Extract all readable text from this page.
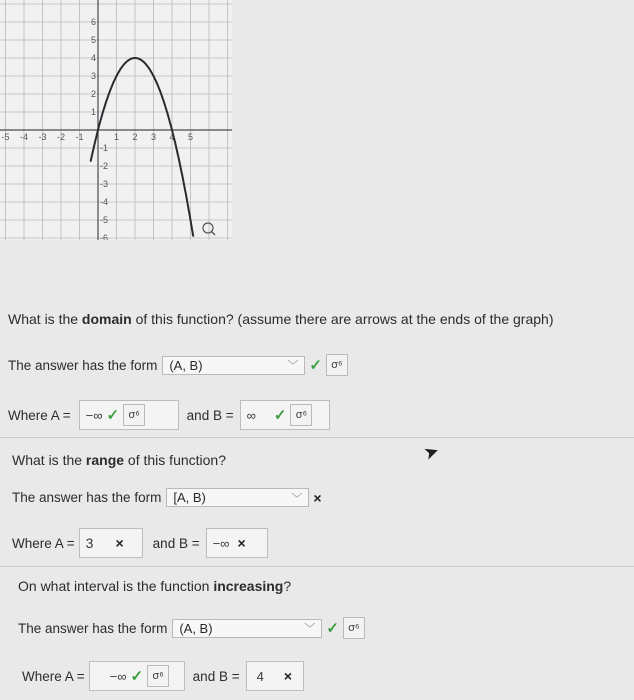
-5 -4 -3 -2 -1	1 2 3 4 5
6
5
4
3
2
1
-1
-2
-3
-4
-5
-6
What is the domain of this function? (assume there are arrows at the ends of the graph)
The answer has the form (A, B)	﹀ ✓ σ⁶
Where A = −∞ ✓ σ⁶	and B = ∞ ✓ σ⁶
➤
What is the range of this function?
The answer has the form [A, B)	﹀ ×
Where A = 3 × and B = −∞ ×
On what interval is the function increasing?
The answer has the form (A, B)	﹀ ✓ σ⁶
Where A = −∞ ✓ σ⁶	and B = 4 ×
